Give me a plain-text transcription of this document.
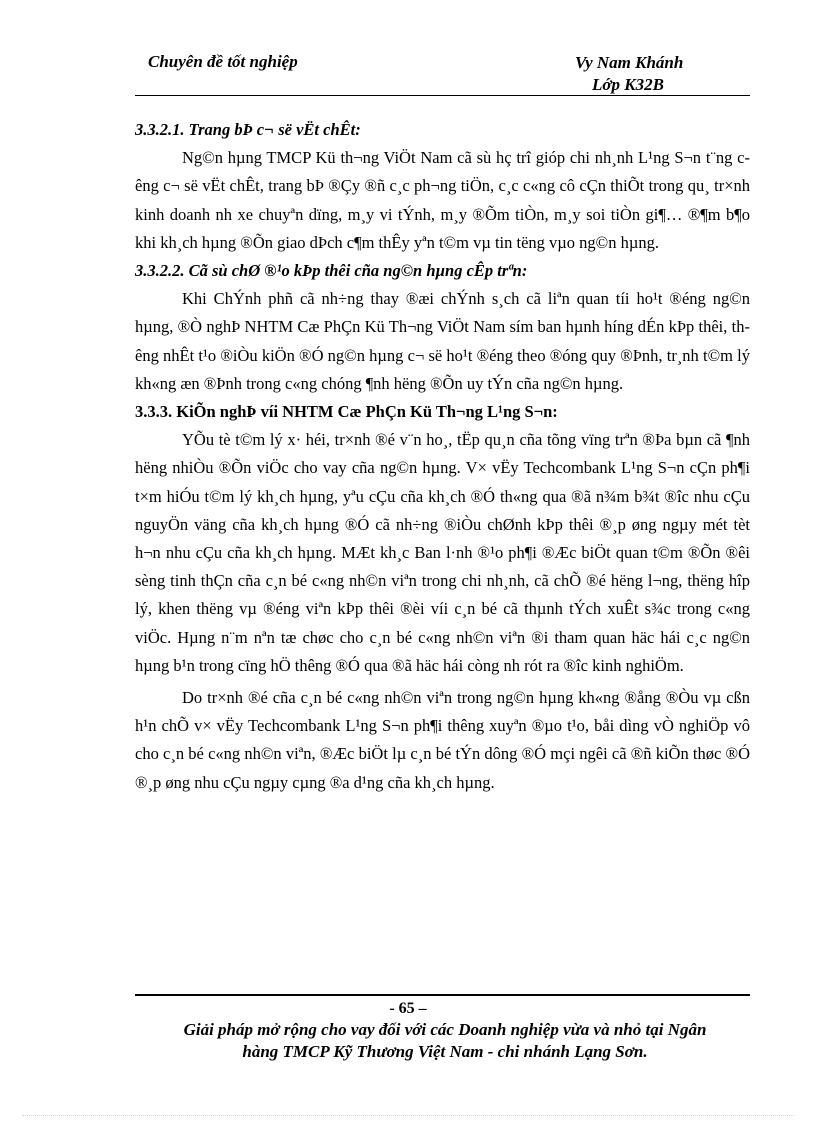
Chuyên đề tốt nghiệp	Vy Nam Khánh
Lớp K32B
3.3.2.1. Trang bÞ c¬ së vËt chÊt:

Ng©n hµng TMCP Kü th¬ng ViÖt Nam cã sù hç trî gióp chi nh¸nh L¹ng S¬n t¨ng cêng c¬ së vËt chÊt, trang bÞ ®Çy ®ñ c¸c ph¬ng tiÖn, c¸c c«ng cô cÇn thiÕt trong qu¸ tr×nh kinh doanh nh xe chuyªn dïng, m¸y vi tÝnh, m¸y ®Õm tiÒn, m¸y soi tiÒn gi¶… ®¶m b¶o khi kh¸ch hµng ®Õn giao dÞch c¶m thÊy yªn t©m vµ tin tëng vµo ng©n hµng.

3.3.2.2. Cã sù chØ ®¹o kÞp thêi cña ng©n hµng cÊp trªn:

Khi ChÝnh phñ cã nh÷ng thay ®æi chÝnh s¸ch cã liªn quan tíi ho¹t ®éng ng©n hµng, ®Ò nghÞ NHTM Cæ PhÇn Kü Th¬ng ViÖt Nam sím ban hµnh híng dÉn kÞp thêi, thêng nhÊt t¹o ®iÒu kiÖn ®Ó ng©n hµng c¬ së ho¹t ®éng theo ®óng quy ®Þnh, tr¸nh t©m lý kh«ng æn ®Þnh trong c«ng chóng ¶nh hëng ®Õn uy tÝn cña ng©n hµng.

3.3.3. KiÕn nghÞ víi NHTM Cæ PhÇn Kü Th¬ng L¹ng S¬n:

YÕu tè t©m lý x· héi, tr×nh ®é v¨n ho¸, tËp qu¸n cña tõng vïng trªn ®Þa bµn cã ¶nh hëng nhiÒu ®Õn viÖc cho vay cña ng©n hµng. V× vËy Techcombank L¹ng S¬n cÇn ph¶i t×m hiÓu t©m lý kh¸ch hµng, yªu cÇu cña kh¸ch ®Ó th«ng qua ®ã n¾m b¾t ®îc nhu cÇu nguyÖn väng cña kh¸ch hµng ®Ó cã nh÷ng ®iÒu chØnh kÞp thêi ®¸p øng ngµy mét tèt h¬n nhu cÇu cña kh¸ch hµng. MÆt kh¸c Ban l·nh ®¹o ph¶i ®Æc biÖt quan t©m ®Õn ®êi sèng tinh thÇn cña c¸n bé c«ng nh©n viªn trong chi nh¸nh, cã chÕ ®é hëng l¬ng, thëng hîp lý, khen thëng vµ ®éng viªn kÞp thêi ®èi víi c¸n bé cã thµnh tÝch xuÊt s¾c trong c«ng viÖc. Hµng n¨m nªn tæ chøc cho c¸n bé c«ng nh©n viªn ®i tham quan häc hái c¸c ng©n hµng b¹n trong cïng hÖ thêng ®Ó qua ®ã häc hái còng nh rót ra ®îc kinh nghiÖm.

Do tr×nh ®é cña c¸n bé c«ng nh©n viªn trong ng©n hµng kh«ng ®ång ®Òu vµ cßn h¹n chÕ v× vËy Techcombank L¹ng S¬n ph¶i thêng xuyªn ®µo t¹o, båi dìng vÒ nghiÖp vô cho c¸n bé c«ng nh©n viªn, ®Æc biÖt lµ c¸n bé tÝn dông ®Ó mçi ngêi cã ®ñ kiÕn thøc ®Ó ®¸p øng nhu cÇu ngµy cµng ®a d¹ng cña kh¸ch hµng.

- 65 –
Giải pháp mở rộng cho vay đối với các Doanh nghiệp vừa và nhỏ tại Ngân
hàng TMCP Kỹ Thương Việt Nam - chi nhánh Lạng Sơn.
